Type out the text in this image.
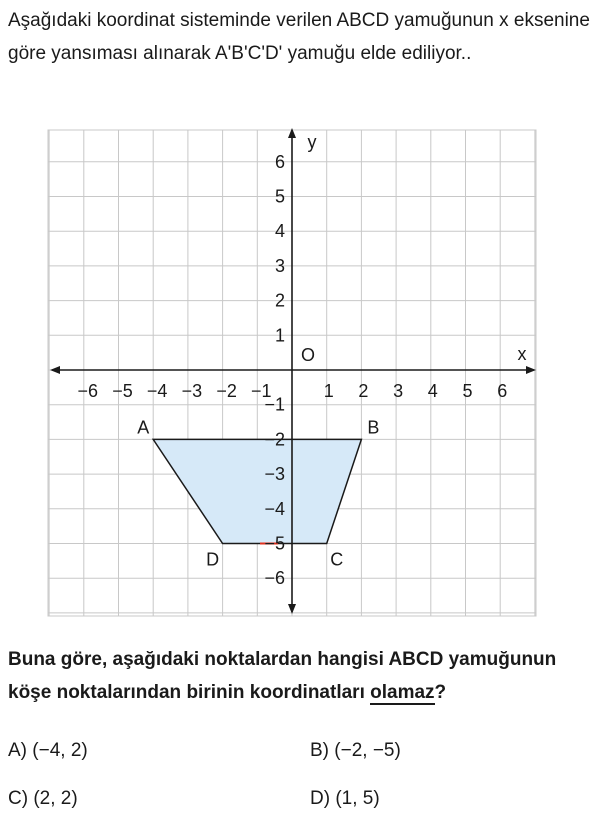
Aşağıdaki koordinat sisteminde verilen ABCD yamuğunun x eksenine göre yansıması alınarak A'B'C'D' yamuğu elde ediliyor..

−6 −5 −4 −3 −2 −1	1 2 3 4 5 6
6
5
4
3
2
1
−1
−2
−3
−4
−5
−6
x
y
O
A	B
C
D

Buna göre, aşağıdaki noktalardan hangisi ABCD yamuğunun köşe noktalarından birinin koordinatları olamaz?

A) (−4, 2)	B) (−2, −5)
C) (2, 2)	D) (1, 5)
